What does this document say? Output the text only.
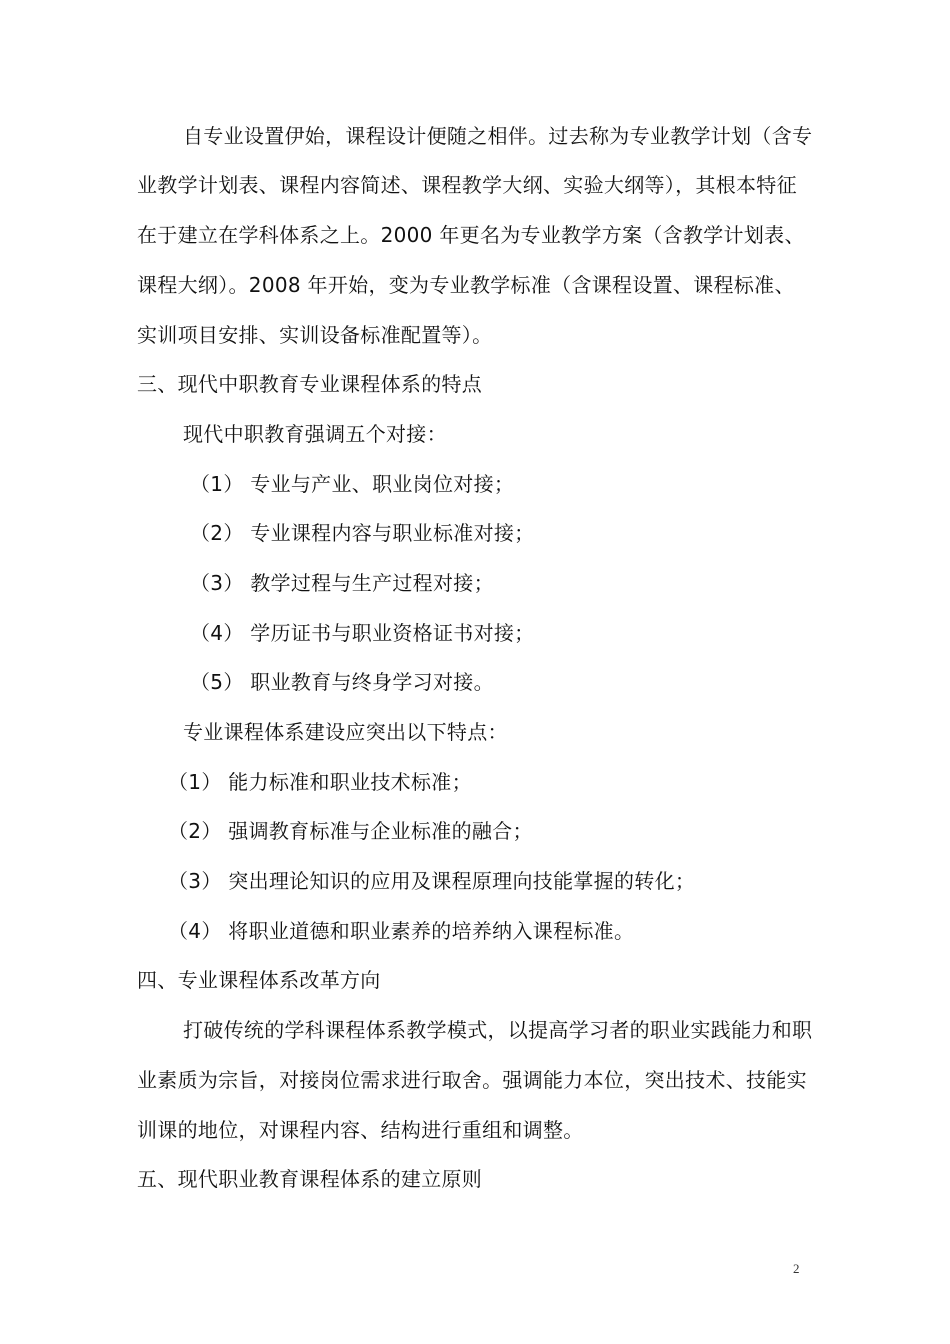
自专业设置伊始，课程设计便随之相伴。过去称为专业教学计划（含专
业教学计划表、课程内容简述、课程教学大纲、实验大纲等），其根本特征
在于建立在学科体系之上。2000 年更名为专业教学方案（含教学计划表、
课程大纲）。2008 年开始，变为专业教学标准（含课程设置、课程标准、
实训项目安排、实训设备标准配置等）。
三、现代中职教育专业课程体系的特点
现代中职教育强调五个对接：
（1） 专业与产业、职业岗位对接；
（2） 专业课程内容与职业标准对接；
（3） 教学过程与生产过程对接；
（4） 学历证书与职业资格证书对接；
（5） 职业教育与终身学习对接。
专业课程体系建设应突出以下特点：
（1） 能力标准和职业技术标准；
（2） 强调教育标准与企业标准的融合；
（3） 突出理论知识的应用及课程原理向技能掌握的转化；
（4） 将职业道德和职业素养的培养纳入课程标准。
四、专业课程体系改革方向
打破传统的学科课程体系教学模式，以提高学习者的职业实践能力和职
业素质为宗旨，对接岗位需求进行取舍。强调能力本位，突出技术、技能实
训课的地位，对课程内容、结构进行重组和调整。
五、现代职业教育课程体系的建立原则
2
